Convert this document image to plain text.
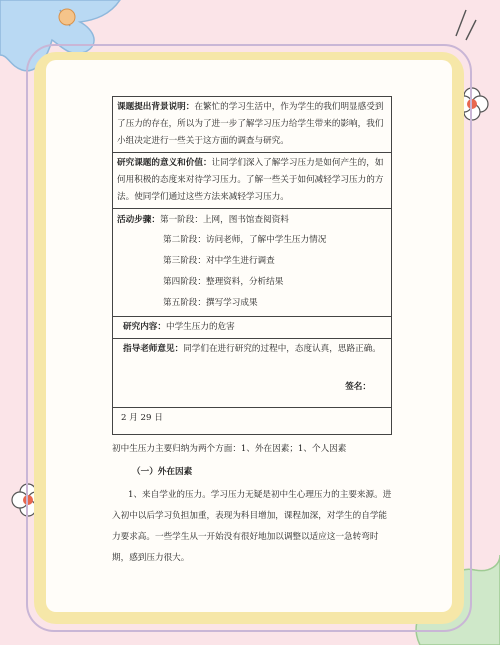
课题提出背景说明：在繁忙的学习生活中，作为学生的我们明显感受到了压力的存在，所以为了进一步了解学习压力给学生带来的影响，我们小组决定进行一些关于这方面的调查与研究。
研究课题的意义和价值：让同学们深入了解学习压力是如何产生的，如何用积极的态度来对待学习压力。了解一些关于如何减轻学习压力的方法。使同学们通过这些方法来减轻学习压力。

活动步骤：第一阶段：上网，图书馆查阅资料
第二阶段：访问老师，了解中学生压力情况
第三阶段：对中学生进行调查
第四阶段：整理资料，分析结果
第五阶段：撰写学习成果

研究内容：中学生压力的危害
指导老师意见：同学们在进行研究的过程中，态度认真，思路正确。
签名：

2 月 29 日
初中生压力主要归纳为两个方面：1、外在因素；1、个人因素
（一）外在因素

1、来自学业的压力。学习压力无疑是初中生心理压力的主要来源。进入初中以后学习负担加重，表现为科目增加，课程加深，对学生的自学能力要求高。一些学生从一开始没有很好地加以调整以适应这一急转弯时期，感到压力很大。
